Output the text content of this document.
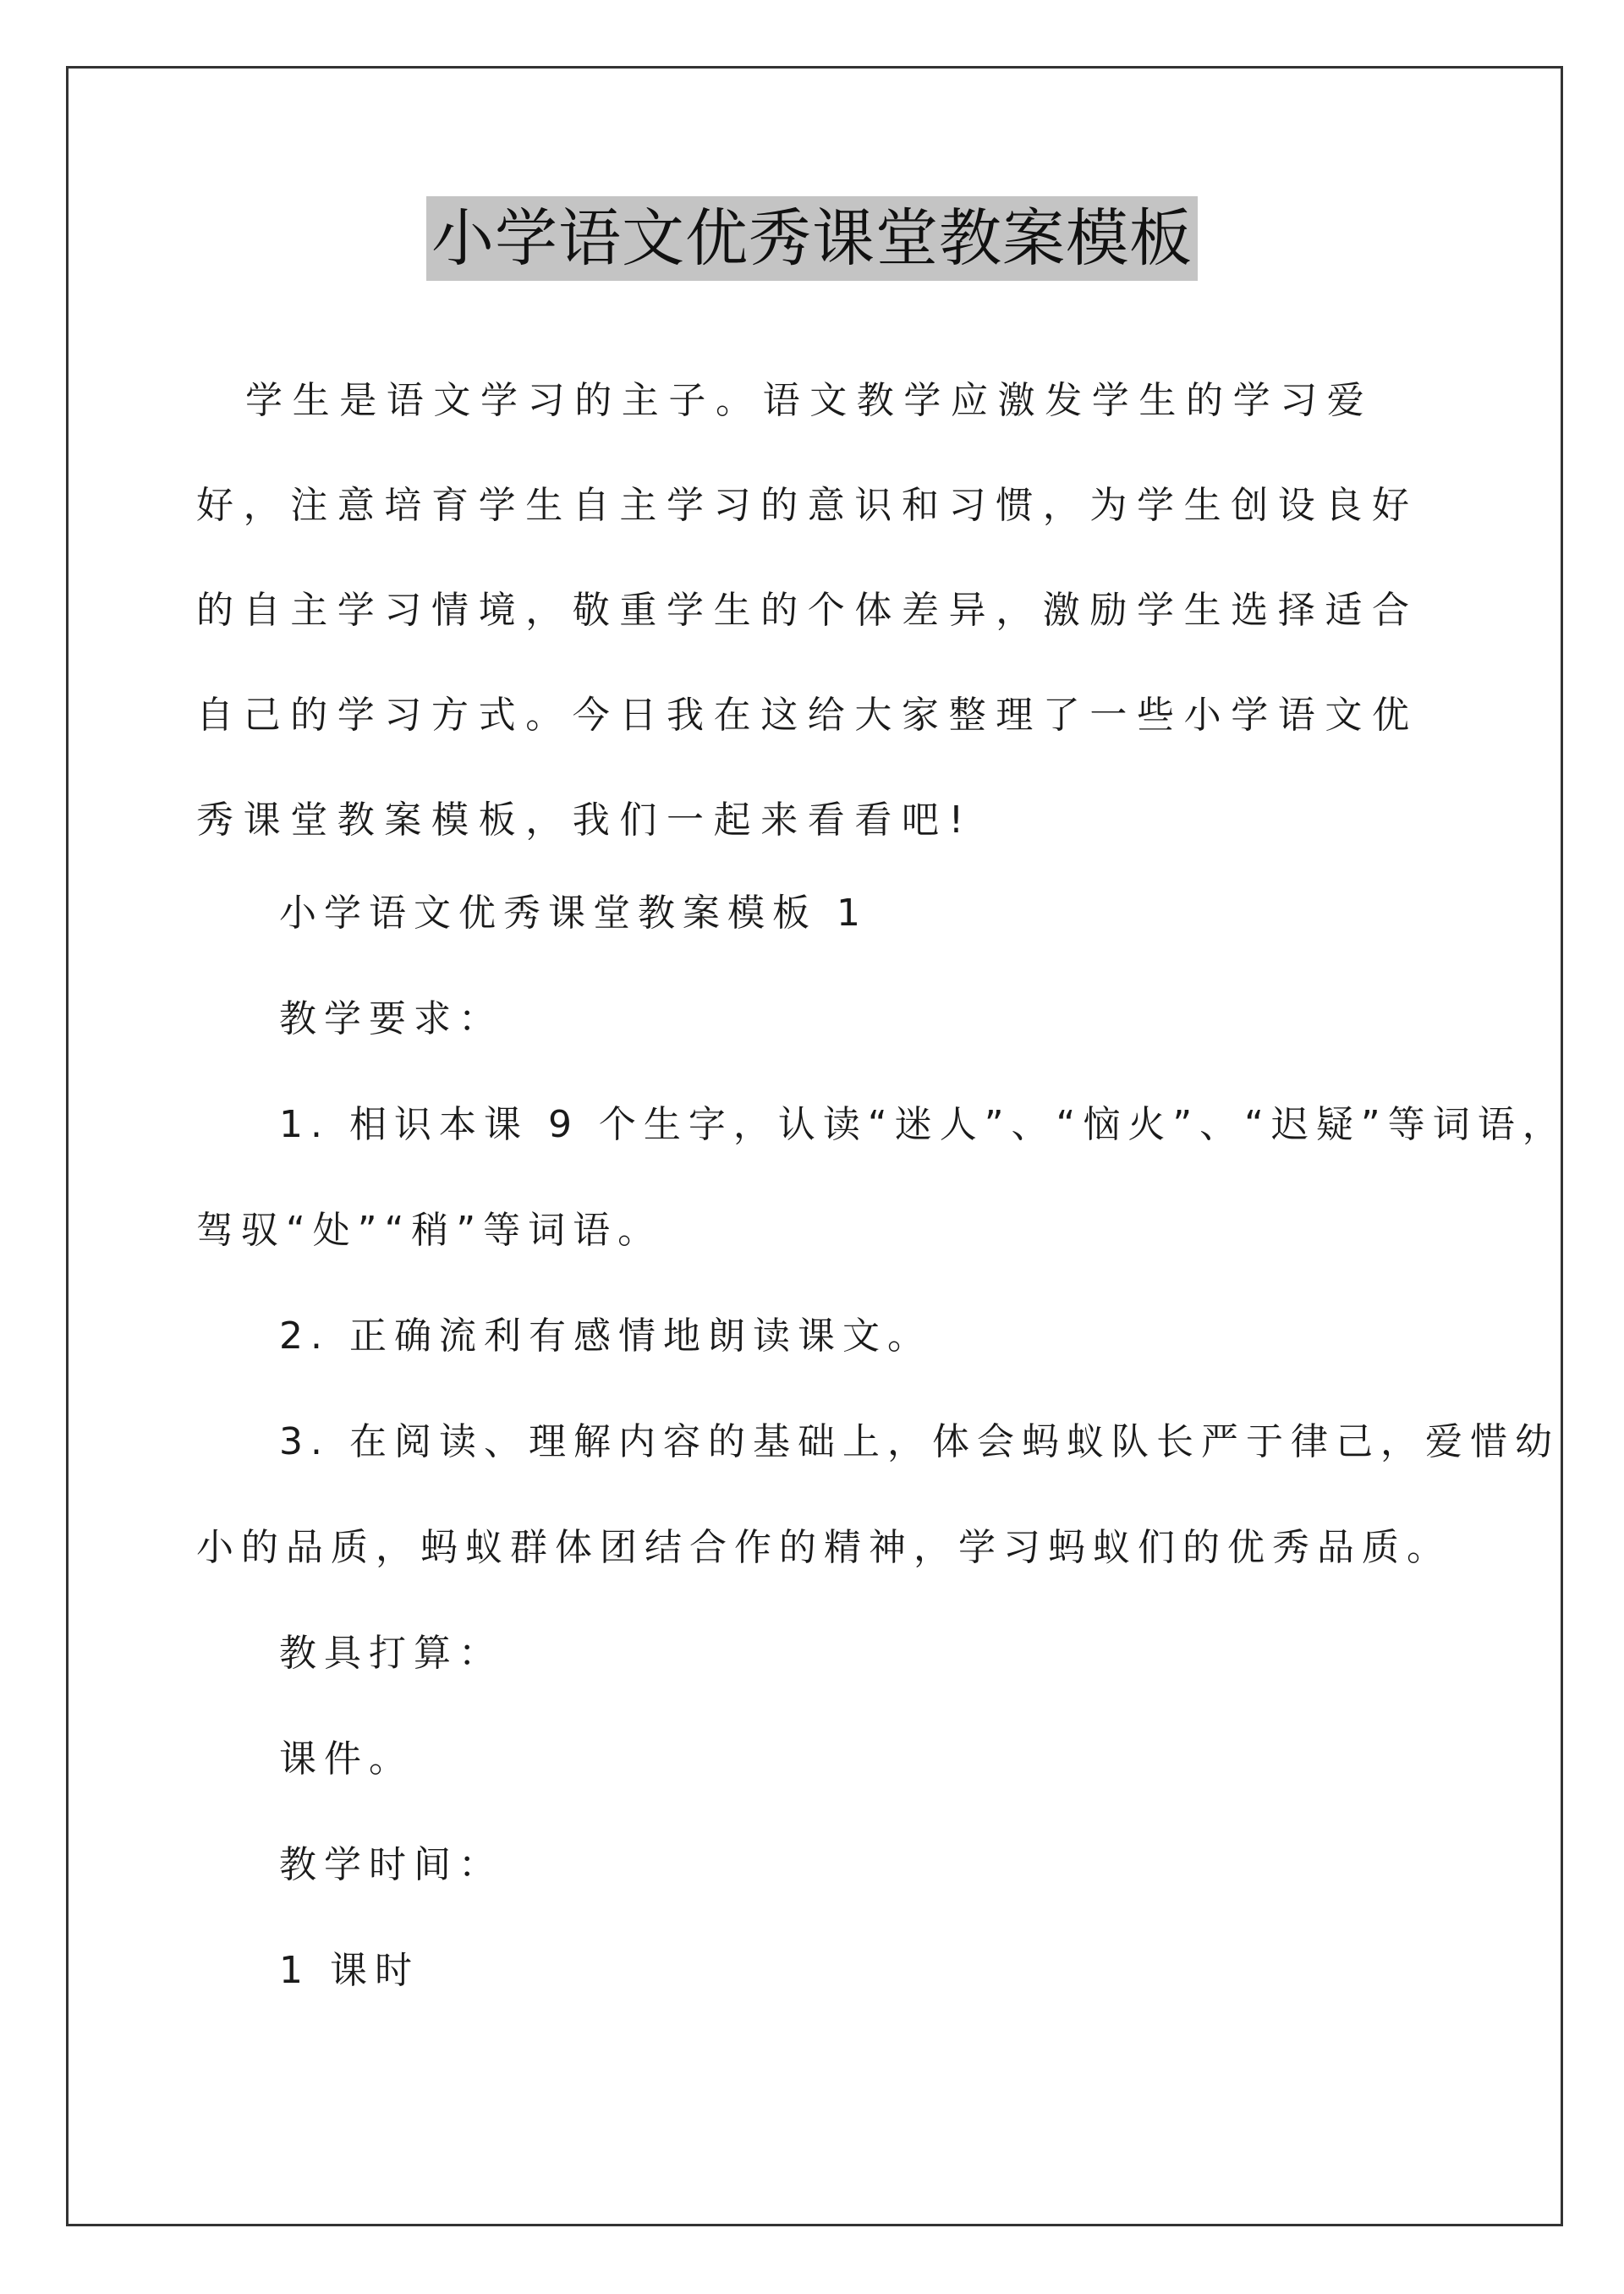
小学语文优秀课堂教案模板

学生是语文学习的主子。语文教学应激发学生的学习爱好，注意培育学生自主学习的意识和习惯，为学生创设良好的自主学习情境，敬重学生的个体差异，激励学生选择适合自己的学习方式。今日我在这给大家整理了一些小学语文优秀课堂教案模板，我们一起来看看吧!

小学语文优秀课堂教案模板 1

教学要求：

1. 相识本课 9 个生字，认读“迷人”、“恼火”、“迟疑”等词语，

驾驭“处”“稍”等词语。

2. 正确流利有感情地朗读课文。

3. 在阅读、理解内容的基础上，体会蚂蚁队长严于律己，爱惜幼

小的品质，蚂蚁群体团结合作的精神，学习蚂蚁们的优秀品质。

教具打算：

课件。

教学时间：

1 课时
